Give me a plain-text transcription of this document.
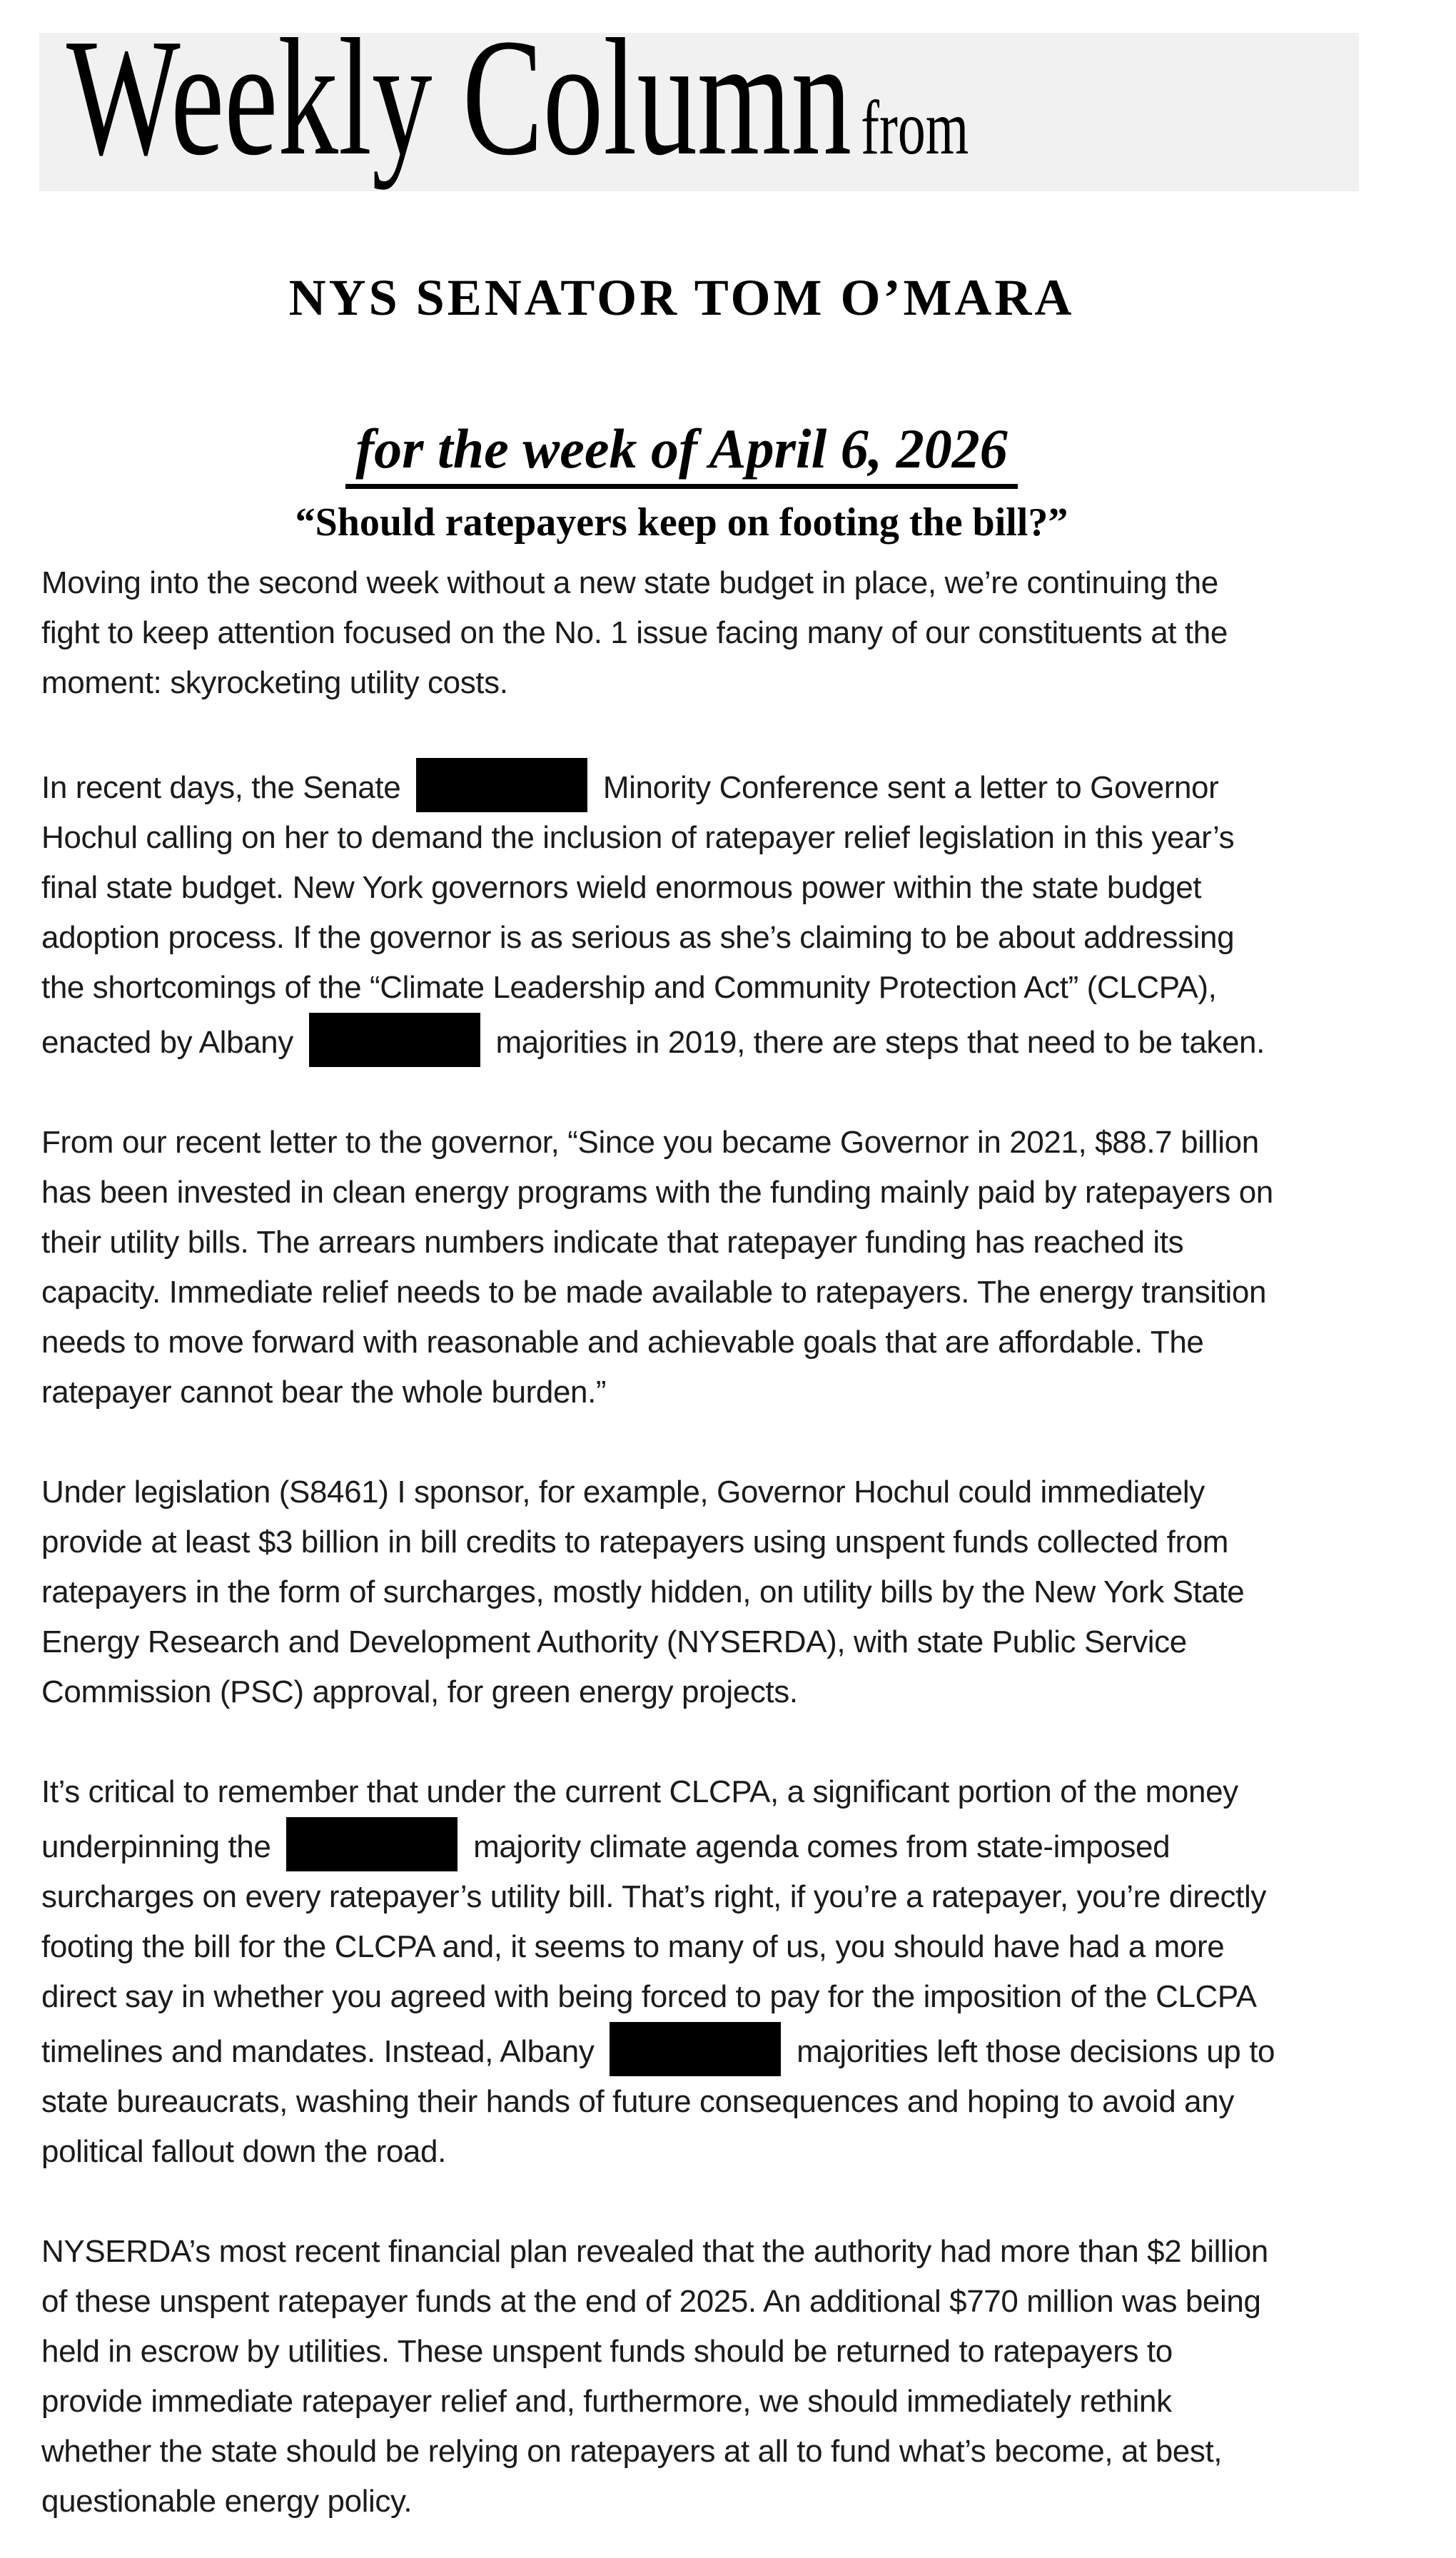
Weekly Column from
NYS SENATOR TOM O’MARA
for the week of April 6, 2026
“Should ratepayers keep on footing the bill?”
Moving into the second week without a new state budget in place, we’re continuing the
fight to keep attention focused on the No. 1 issue facing many of our constituents at the
moment: skyrocketing utility costs.
In recent days, the Senate	Minority Conference sent a letter to Governor
Hochul calling on her to demand the inclusion of ratepayer relief legislation in this year’s
final state budget. New York governors wield enormous power within the state budget
adoption process. If the governor is as serious as she’s claiming to be about addressing
the shortcomings of the “Climate Leadership and Community Protection Act” (CLCPA),
enacted by Albany	majorities in 2019, there are steps that need to be taken.
From our recent letter to the governor, “Since you became Governor in 2021, $88.7 billion
has been invested in clean energy programs with the funding mainly paid by ratepayers on
their utility bills. The arrears numbers indicate that ratepayer funding has reached its
capacity. Immediate relief needs to be made available to ratepayers. The energy transition
needs to move forward with reasonable and achievable goals that are affordable. The
ratepayer cannot bear the whole burden.”
Under legislation (S8461) I sponsor, for example, Governor Hochul could immediately
provide at least $3 billion in bill credits to ratepayers using unspent funds collected from
ratepayers in the form of surcharges, mostly hidden, on utility bills by the New York State
Energy Research and Development Authority (NYSERDA), with state Public Service
Commission (PSC) approval, for green energy projects.
It’s critical to remember that under the current CLCPA, a significant portion of the money
underpinning the	majority climate agenda comes from state-imposed
surcharges on every ratepayer’s utility bill. That’s right, if you’re a ratepayer, you’re directly
footing the bill for the CLCPA and, it seems to many of us, you should have had a more
direct say in whether you agreed with being forced to pay for the imposition of the CLCPA
timelines and mandates. Instead, Albany	majorities left those decisions up to
state bureaucrats, washing their hands of future consequences and hoping to avoid any
political fallout down the road.
NYSERDA’s most recent financial plan revealed that the authority had more than $2 billion
of these unspent ratepayer funds at the end of 2025. An additional $770 million was being
held in escrow by utilities. These unspent funds should be returned to ratepayers to
provide immediate ratepayer relief and, furthermore, we should immediately rethink
whether the state should be relying on ratepayers at all to fund what’s become, at best,
questionable energy policy.
